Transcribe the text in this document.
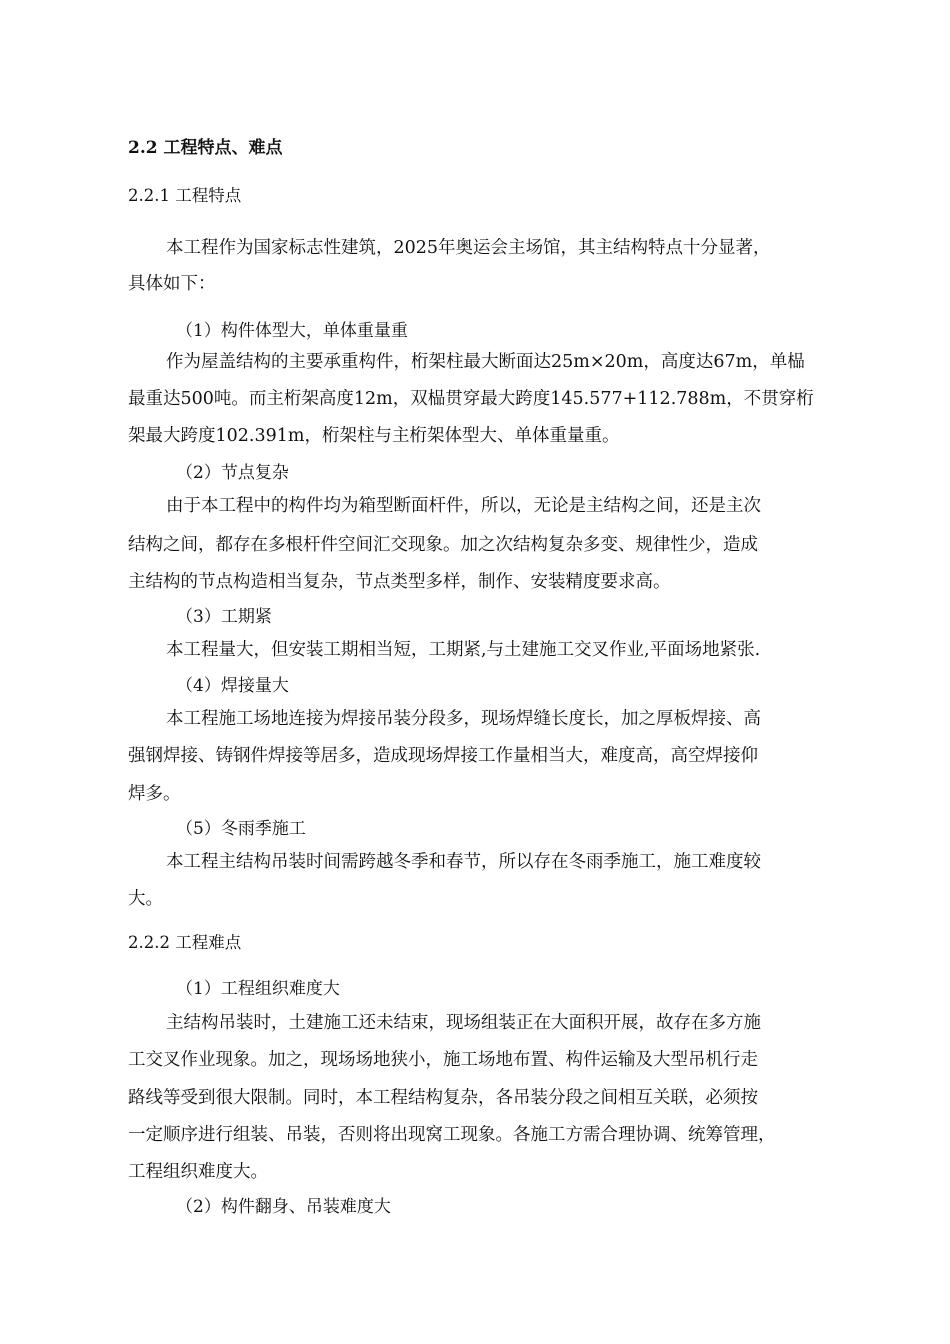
2.2 工程特点、难点
2.2.1 工程特点
本工程作为国家标志性建筑，2025年奥运会主场馆，其主结构特点十分显著，
具体如下：
（1）构件体型大，单体重量重
作为屋盖结构的主要承重构件，桁架柱最大断面达25m×20m，高度达67m，单榀
最重达500吨。而主桁架高度12m，双榀贯穿最大跨度145.577+112.788m，不贯穿桁
架最大跨度102.391m，桁架柱与主桁架体型大、单体重量重。
（2）节点复杂
由于本工程中的构件均为箱型断面杆件，所以，无论是主结构之间，还是主次
结构之间，都存在多根杆件空间汇交现象。加之次结构复杂多变、规律性少，造成
主结构的节点构造相当复杂，节点类型多样，制作、安装精度要求高。
（3）工期紧
本工程量大，但安装工期相当短，工期紧,与土建施工交叉作业,平面场地紧张.
（4）焊接量大
本工程施工场地连接为焊接吊装分段多，现场焊缝长度长，加之厚板焊接、高
强钢焊接、铸钢件焊接等居多，造成现场焊接工作量相当大，难度高，高空焊接仰
焊多。
（5）冬雨季施工
本工程主结构吊装时间需跨越冬季和春节，所以存在冬雨季施工，施工难度较
大。
2.2.2 工程难点
（1）工程组织难度大
主结构吊装时，土建施工还未结束，现场组装正在大面积开展，故存在多方施
工交叉作业现象。加之，现场场地狭小，施工场地布置、构件运输及大型吊机行走
路线等受到很大限制。同时，本工程结构复杂，各吊装分段之间相互关联，必须按
一定顺序进行组装、吊装，否则将出现窝工现象。各施工方需合理协调、统筹管理，
工程组织难度大。
（2）构件翻身、吊装难度大
